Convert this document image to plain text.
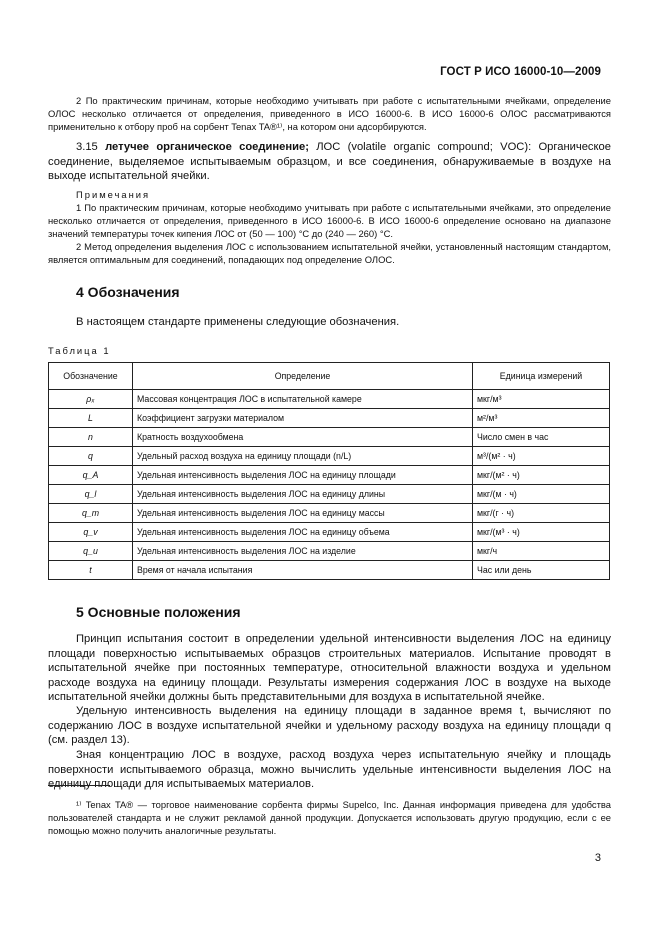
ГОСТ Р ИСО 16000-10—2009

2 По практическим причинам, которые необходимо учитывать при работе с испытательными ячейками, определение ОЛОС несколько отличается от определения, приведенного в ИСО 16000-6. В ИСО 16000-6 ОЛОС рассматриваются применительно к отбору проб на сорбент Tenax TA®¹⁾, на котором они адсорбируются.

3.15 летучее органическое соединение; ЛОС (volatile organic compound; VOC): Органическое соединение, выделяемое испытываемым образцом, и все соединения, обнаруживаемые в воздухе на выходе испытательной ячейки.

Примечания

1 По практическим причинам, которые необходимо учитывать при работе с испытательными ячейками, это определение несколько отличается от определения, приведенного в ИСО 16000-6. В ИСО 16000-6 определение основано на диапазоне значений температуры точек кипения ЛОС от (50 — 100) °С до (240 — 260) °С.

2 Метод определения выделения ЛОС с использованием испытательной ячейки, установленный настоящим стандартом, является оптимальным для соединений, попадающих под определение ОЛОС.

4 Обозначения

В настоящем стандарте применены следующие обозначения.

Таблица 1
Обозначение	Определение	Единица измерений
ρₓ	Массовая концентрация ЛОС в испытательной камере	мкг/м³
L	Коэффициент загрузки материалом	м²/м³
n	Кратность воздухообмена	Число смен в час
q	Удельный расход воздуха на единицу площади (n/L)	м³/(м² · ч)
q_A	Удельная интенсивность выделения ЛОС на единицу площади	мкг/(м² · ч)
q_l	Удельная интенсивность выделения ЛОС на единицу длины	мкг/(м · ч)
q_m	Удельная интенсивность выделения ЛОС на единицу массы	мкг/(г · ч)
q_v	Удельная интенсивность выделения ЛОС на единицу объема	мкг/(м³ · ч)
q_u	Удельная интенсивность выделения ЛОС на изделие	мкг/ч
t	Время от начала испытания	Час или день
5 Основные положения

Принцип испытания состоит в определении удельной интенсивности выделения ЛОС на единицу площади поверхностью испытываемых образцов строительных материалов. Испытание проводят в испытательной ячейке при постоянных температуре, относительной влажности воздуха и удельном расходе воздуха на единицу площади. Результаты измерения содержания ЛОС в воздухе на выходе испытательной ячейки должны быть представительными для воздуха в испытательной ячейке.

Удельную интенсивность выделения на единицу площади в заданное время t, вычисляют по содержанию ЛОС в воздухе испытательной ячейки и удельному расходу воздуха на единицу площади q (см. раздел 13).

Зная концентрацию ЛОС в воздухе, расход воздуха через испытательную ячейку и площадь поверхности испытываемого образца, можно вычислить удельные интенсивности выделения ЛОС на единицу площади для испытываемых материалов.

¹⁾ Tenax TA® — торговое наименование сорбента фирмы Supelco, Inc. Данная информация приведена для удобства пользователей стандарта и не служит рекламой данной продукции. Допускается использовать другую продукцию, если с ее помощью можно получить аналогичные результаты.

3
